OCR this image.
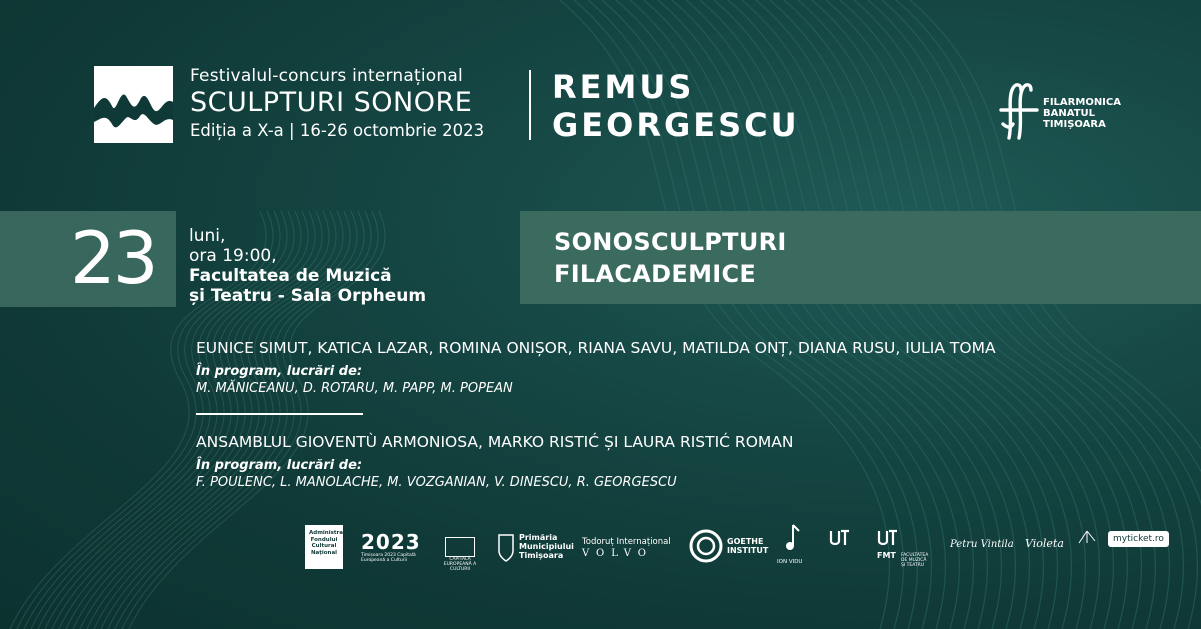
Festivalul-concurs internațional
SCULPTURI SONORE
Ediția a X-a | 16-26 octombrie 2023
REMUS
GEORGESCU
FILARMONICA
BANATUL
TIMIȘOARA
23 luni,
ora 19:00,
Facultatea de Muzică
și Teatru - Sala Orpheum
SONOSCULPTURI
FILACADEMICE
EUNICE SIMUT, KATICA LAZAR, ROMINA ONIȘOR, RIANA SAVU, MATILDA ONȚ, DIANA RUSU, IULIA TOMA
În program, lucrări de:
M. MĂNICEANU, D. ROTARU, M. PAPP, M. POPEAN
ANSAMBLUL GIOVENTÙ ARMONIOSA, MARKO RISTIĆ ȘI LAURA RISTIĆ ROMAN
În program, lucrări de:
F. POULENC, L. MANOLACHE, M. VOZGANIAN, V. DINESCU, R. GEORGESCU
Administrația Fondului Cultural Național 2023
Timișoara 2023 Capitală Europeană a Culturii	CAPITALĂ EUROPEANĂ A CULTURII
Primăria
Municipiului
Timișoara
Todoruț Internațional
VOLVO
GOETHE
INSTITUT
ION VIDU
FMT FACULTATEA DE MUZICĂ ȘI TEATRU
Petru Vintila Violeta	myticket.ro
